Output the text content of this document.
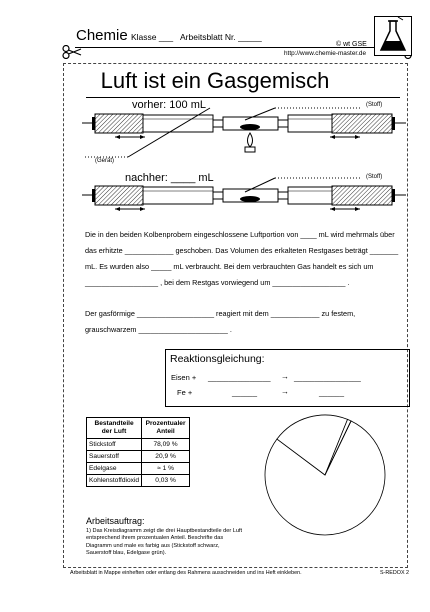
Chemie Klasse ___ Arbeitsblatt Nr. _____
© wt GSE
http://www.chemie-master.de
Luft ist ein Gasgemisch
vorher: 100 mL
nachher: ____ mL
(Stoff)
(Stoff)
(Gerät)
Die in den beiden Kolbenprobern eingeschlossene Luftportion von ____ mL wird mehrmals über das erhitzte ____________ geschoben. Das Volumen des erkalteten Restgases beträgt _______ mL. Es wurden also _____ mL verbraucht. Bei dem verbrauchten Gas handelt es sich um __________________ , bei dem Restgas vorwiegend um __________________ .
Der gasförmige ___________________ reagiert mit dem ____________ zu festem, grauschwarzem ______________________ .
Reaktionsgleichung:
Eisen + _______________ → ________________
Fe +	______	→	______
Bestandteile der Luft	Prozentualer Anteil
Stickstoff	78,09 %
Sauerstoff	20,9 %
Edelgase	≈ 1 %
Kohlenstoffdioxid	0,03 %
Arbeitsauftrag:
1) Das Kreisdiagramm zeigt die drei Hauptbestandteile der Luft entsprechend ihrem prozentualen Anteil. Beschrifte das Diagramm und male es farbig aus (Stickstoff schwarz, Sauerstoff blau, Edelgase grün).
Arbeitsblatt in Mappe einheften oder entlang des Rahmens ausschneiden und ins Heft einkleben.	S-REDOX 2
